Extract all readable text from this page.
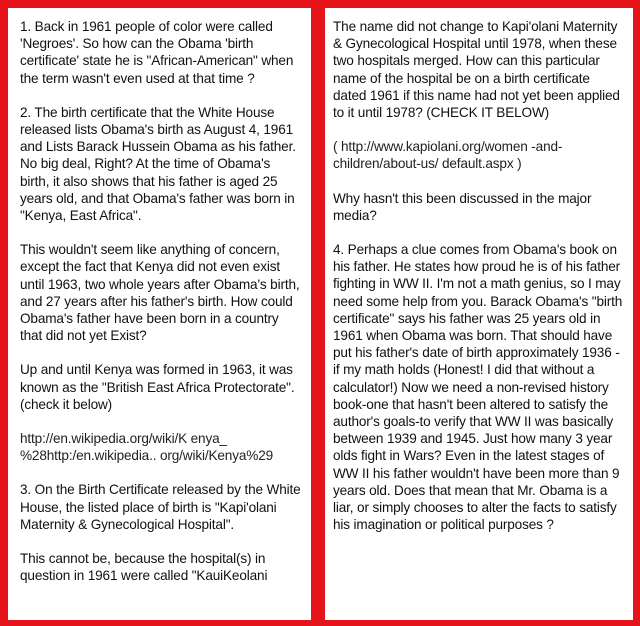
1. Back in 1961 people of color were called 'Negroes'. So how can the Obama 'birth certificate' state he is "African-American" when the term wasn't even used at that time ?

2. The birth certificate that the White House released lists Obama's birth as August 4, 1961 and Lists Barack Hussein Obama as his father. No big deal, Right? At the time of Obama's birth, it also shows that his father is aged 25 years old, and that Obama's father was born in "Kenya, East Africa".

This wouldn't seem like anything of concern, except the fact that Kenya did not even exist until 1963, two whole years after Obama's birth, and 27 years after his father's birth. How could Obama's father have been born in a country that did not yet Exist?

Up and until Kenya was formed in 1963, it was known as the "British East Africa Protectorate". (check it below)

http://en.wikipedia.org/wiki/K enya_ %28http:/en.wikipedia.. org/wiki/Kenya%29

3. On the Birth Certificate released by the White House, the listed place of birth is "Kapi'olani Maternity & Gynecological Hospital".

This cannot be, because the hospital(s) in question in 1961 were called "KauiKeolani

The name did not change to Kapi'olani Maternity & Gynecological Hospital until 1978, when these two hospitals merged. How can this particular name of the hospital be on a birth certificate dated 1961 if this name had not yet been applied to it until 1978? (CHECK IT BELOW)

( http://www.kapiolani.org/women -and-children/about-us/ default.aspx )

Why hasn't this been discussed in the major media?

4. Perhaps a clue comes from Obama's book on his father. He states how proud he is of his father fighting in WW II. I'm not a math genius, so I may need some help from you. Barack Obama's "birth certificate" says his father was 25 years old in 1961 when Obama was born. That should have put his father's date of birth approximately 1936 - if my math holds (Honest! I did that without a calculator!) Now we need a non-revised history book-one that hasn't been altered to satisfy the author's goals-to verify that WW II was basically between 1939 and 1945. Just how many 3 year olds fight in Wars? Even in the latest stages of WW II his father wouldn't have been more than 9 years old. Does that mean that Mr. Obama is a liar, or simply chooses to alter the facts to satisfy his imagination or political purposes ?
